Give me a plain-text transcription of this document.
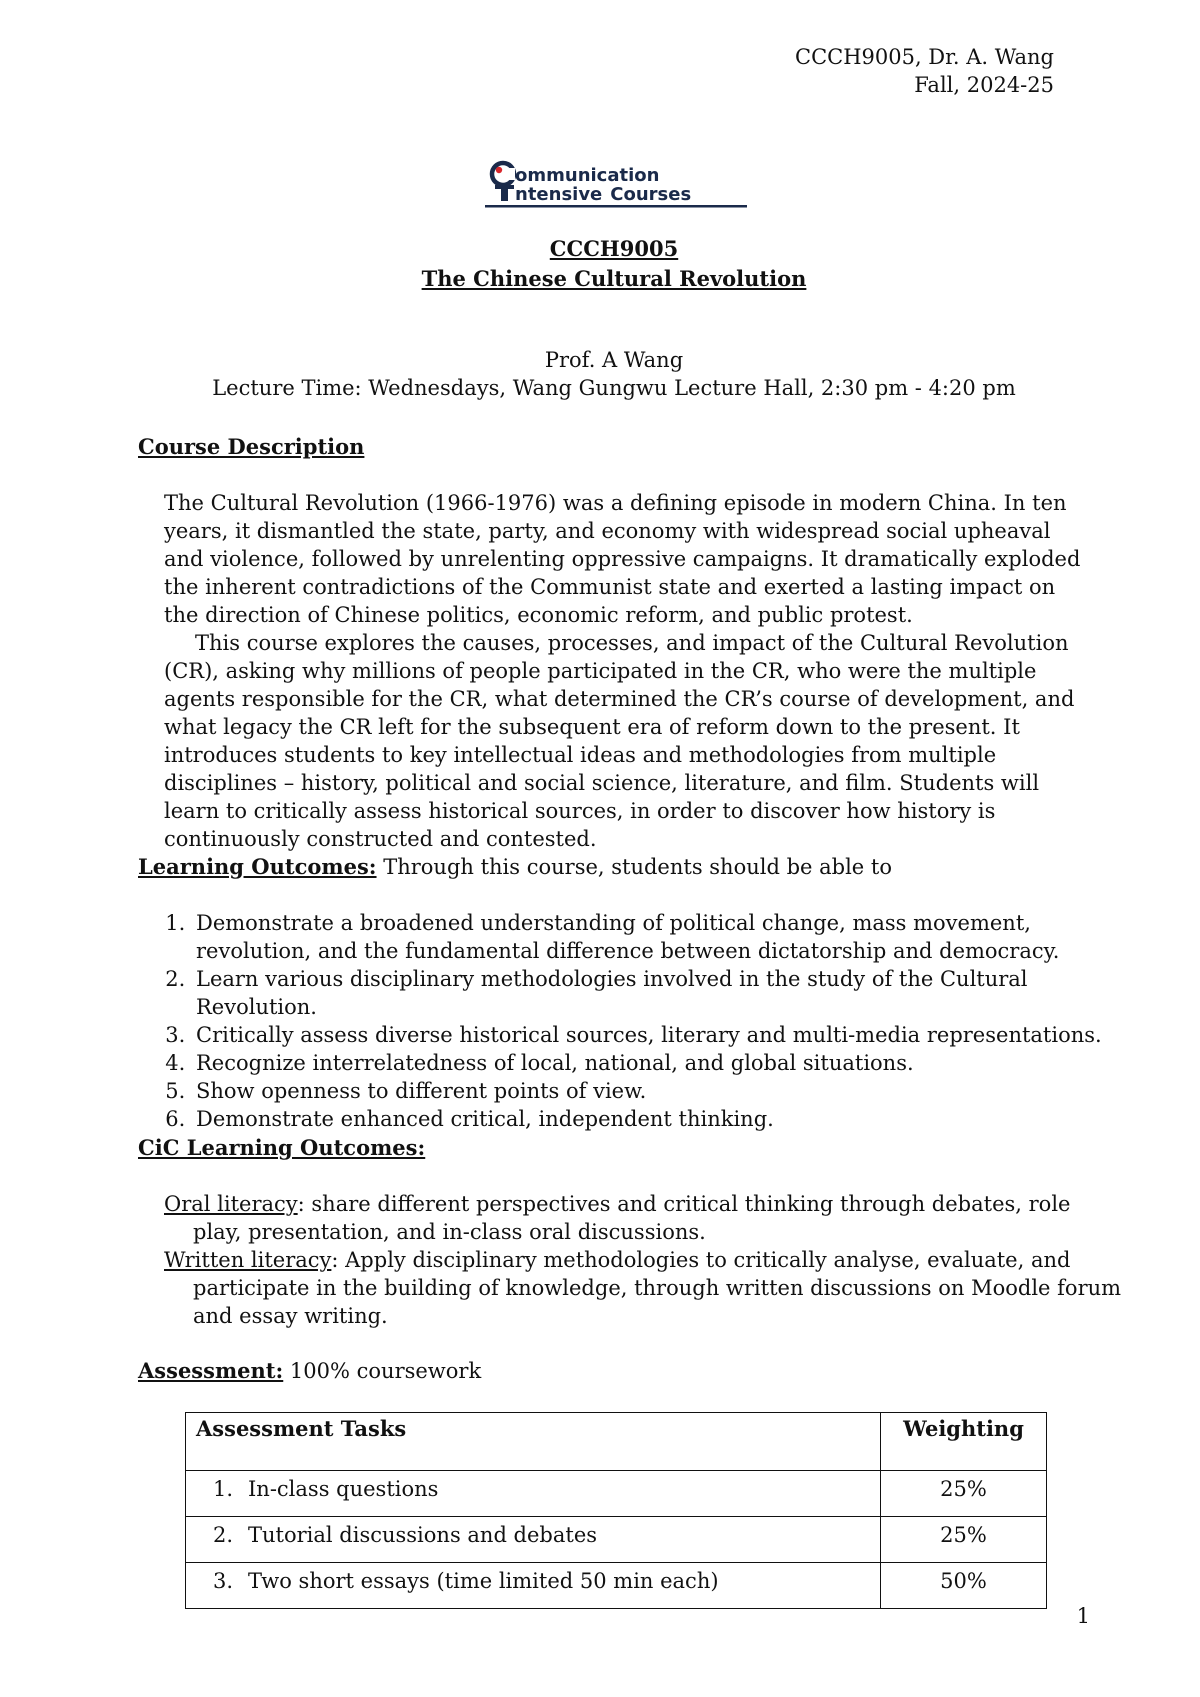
CCCH9005, Dr. A. Wang
Fall, 2024-25
ommunication
ntensive Courses
CCCH9005
The Chinese Cultural Revolution
Prof. A Wang
Lecture Time: Wednesdays, Wang Gungwu Lecture Hall, 2:30 pm - 4:20 pm
Course Description
The Cultural Revolution (1966-1976) was a defining episode in modern China. In ten years, it dismantled the state, party, and economy with widespread social upheaval and violence, followed by unrelenting oppressive campaigns. It dramatically exploded the inherent contradictions of the Communist state and exerted a lasting impact on the direction of Chinese politics, economic reform, and public protest.
This course explores the causes, processes, and impact of the Cultural Revolution (CR), asking why millions of people participated in the CR, who were the multiple agents responsible for the CR, what determined the CR’s course of development, and what legacy the CR left for the subsequent era of reform down to the present. It introduces students to key intellectual ideas and methodologies from multiple disciplines – history, political and social science, literature, and film. Students will learn to critically assess historical sources, in order to discover how history is continuously constructed and contested.
Learning Outcomes: Through this course, students should be able to
1. Demonstrate a broadened understanding of political change, mass movement, revolution, and the fundamental difference between dictatorship and democracy.
2. Learn various disciplinary methodologies involved in the study of the Cultural Revolution.
3. Critically assess diverse historical sources, literary and multi-media representations.
4. Recognize interrelatedness of local, national, and global situations.
5. Show openness to different points of view.
6. Demonstrate enhanced critical, independent thinking.
CiC Learning Outcomes:
Oral literacy: share different perspectives and critical thinking through debates, role play, presentation, and in-class oral discussions.
Written literacy: Apply disciplinary methodologies to critically analyse, evaluate, and participate in the building of knowledge, through written discussions on Moodle forum and essay writing.
Assessment: 100% coursework
Assessment Tasks	Weighting
1. In-class questions	25%
2. Tutorial discussions and debates	25%
3. Two short essays (time limited 50 min each)	50%
1
